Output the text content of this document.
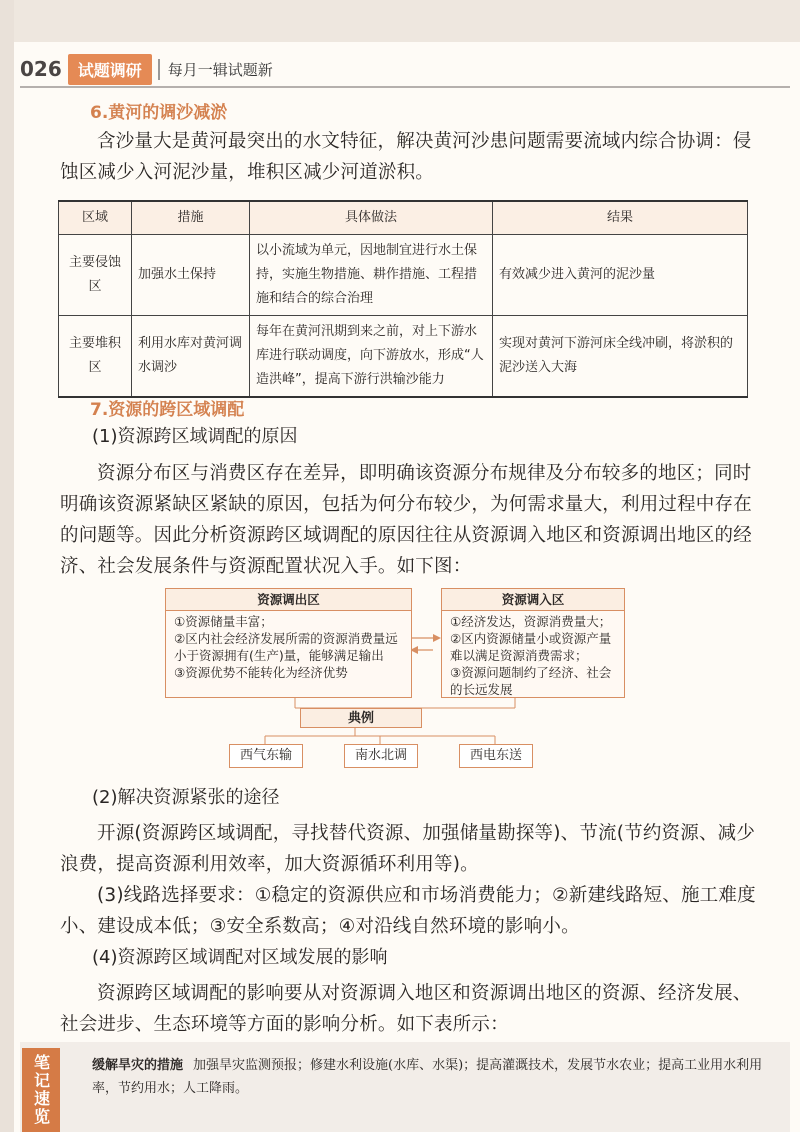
026	试题调研	每月一辑试题新
6.黄河的调沙减淤
含沙量大是黄河最突出的水文特征，解决黄河沙患问题需要流域内综合协调：侵蚀区减少入河泥沙量，堆积区减少河道淤积。
区域	措施	具体做法	结果
主要侵蚀区	加强水土保持	以小流域为单元，因地制宜进行水土保持，实施生物措施、耕作措施、工程措施和结合的综合治理	有效减少进入黄河的泥沙量
主要堆积区	利用水库对黄河调水调沙	每年在黄河汛期到来之前，对上下游水库进行联动调度，向下游放水，形成“人造洪峰”，提高下游行洪输沙能力	实现对黄河下游河床全线冲刷，将淤积的泥沙送入大海
7.资源的跨区域调配
(1)资源跨区域调配的原因
资源分布区与消费区存在差异，即明确该资源分布规律及分布较多的地区；同时明确该资源紧缺区紧缺的原因，包括为何分布较少，为何需求量大，利用过程中存在的问题等。因此分析资源跨区域调配的原因往往从资源调入地区和资源调出地区的经济、社会发展条件与资源配置状况入手。如下图：
资源调出区
①资源储量丰富；
②区内社会经济发展所需的资源消费量远小于资源拥有(生产)量，能够满足输出
③资源优势不能转化为经济优势
资源调入区
①经济发达，资源消费量大；
②区内资源储量小或资源产量难以满足资源消费需求；
③资源问题制约了经济、社会的长远发展
典例
西气东输	南水北调	西电东送
(2)解决资源紧张的途径
开源(资源跨区域调配，寻找替代资源、加强储量勘探等)、节流(节约资源、减少浪费，提高资源利用效率，加大资源循环利用等)。
(3)线路选择要求：①稳定的资源供应和市场消费能力；②新建线路短、施工难度小、建设成本低；③安全系数高；④对沿线自然环境的影响小。
(4)资源跨区域调配对区域发展的影响
资源跨区域调配的影响要从对资源调入地区和资源调出地区的资源、经济发展、社会进步、生态环境等方面的影响分析。如下表所示：
笔记速览	缓解旱灾的措施 加强旱灾监测预报；修建水利设施(水库、水渠)；提高灌溉技术，发展节水农业；提高工业用水利用率，节约用水；人工降雨。
